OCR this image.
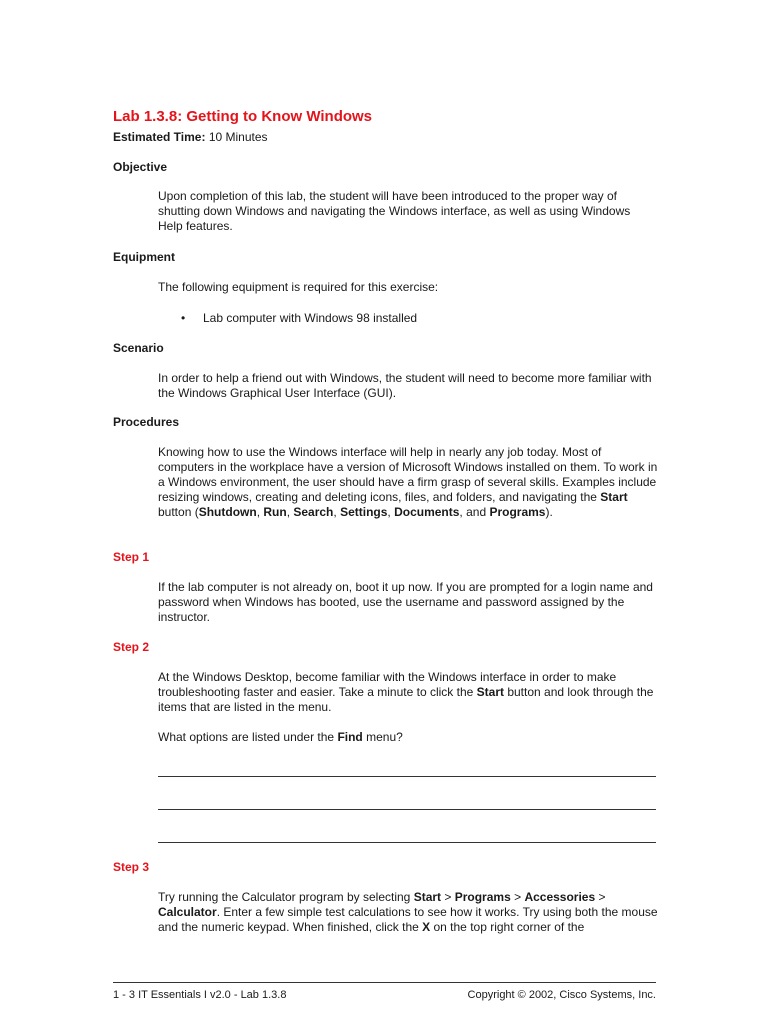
Lab 1.3.8: Getting to Know Windows

Estimated Time: 10 Minutes

Objective

Upon completion of this lab, the student will have been introduced to the proper way of shutting down Windows and navigating the Windows interface, as well as using Windows Help features.

Equipment

The following equipment is required for this exercise:

• Lab computer with Windows 98 installed

Scenario

In order to help a friend out with Windows, the student will need to become more familiar with the Windows Graphical User Interface (GUI).

Procedures

Knowing how to use the Windows interface will help in nearly any job today. Most of computers in the workplace have a version of Microsoft Windows installed on them. To work in a Windows environment, the user should have a firm grasp of several skills. Examples include resizing windows, creating and deleting icons, files, and folders, and navigating the Start button (Shutdown, Run, Search, Settings, Documents, and Programs).

Step 1

If the lab computer is not already on, boot it up now. If you are prompted for a login name and password when Windows has booted, use the username and password assigned by the instructor.

Step 2

At the Windows Desktop, become familiar with the Windows interface in order to make troubleshooting faster and easier. Take a minute to click the Start button and look through the items that are listed in the menu.

What options are listed under the Find menu?

Step 3

Try running the Calculator program by selecting Start > Programs > Accessories > Calculator. Enter a few simple test calculations to see how it works. Try using both the mouse and the numeric keypad. When finished, click the X on the top right corner of the

1 - 3 IT Essentials I v2.0 - Lab 1.3.8	Copyright © 2002, Cisco Systems, Inc.
